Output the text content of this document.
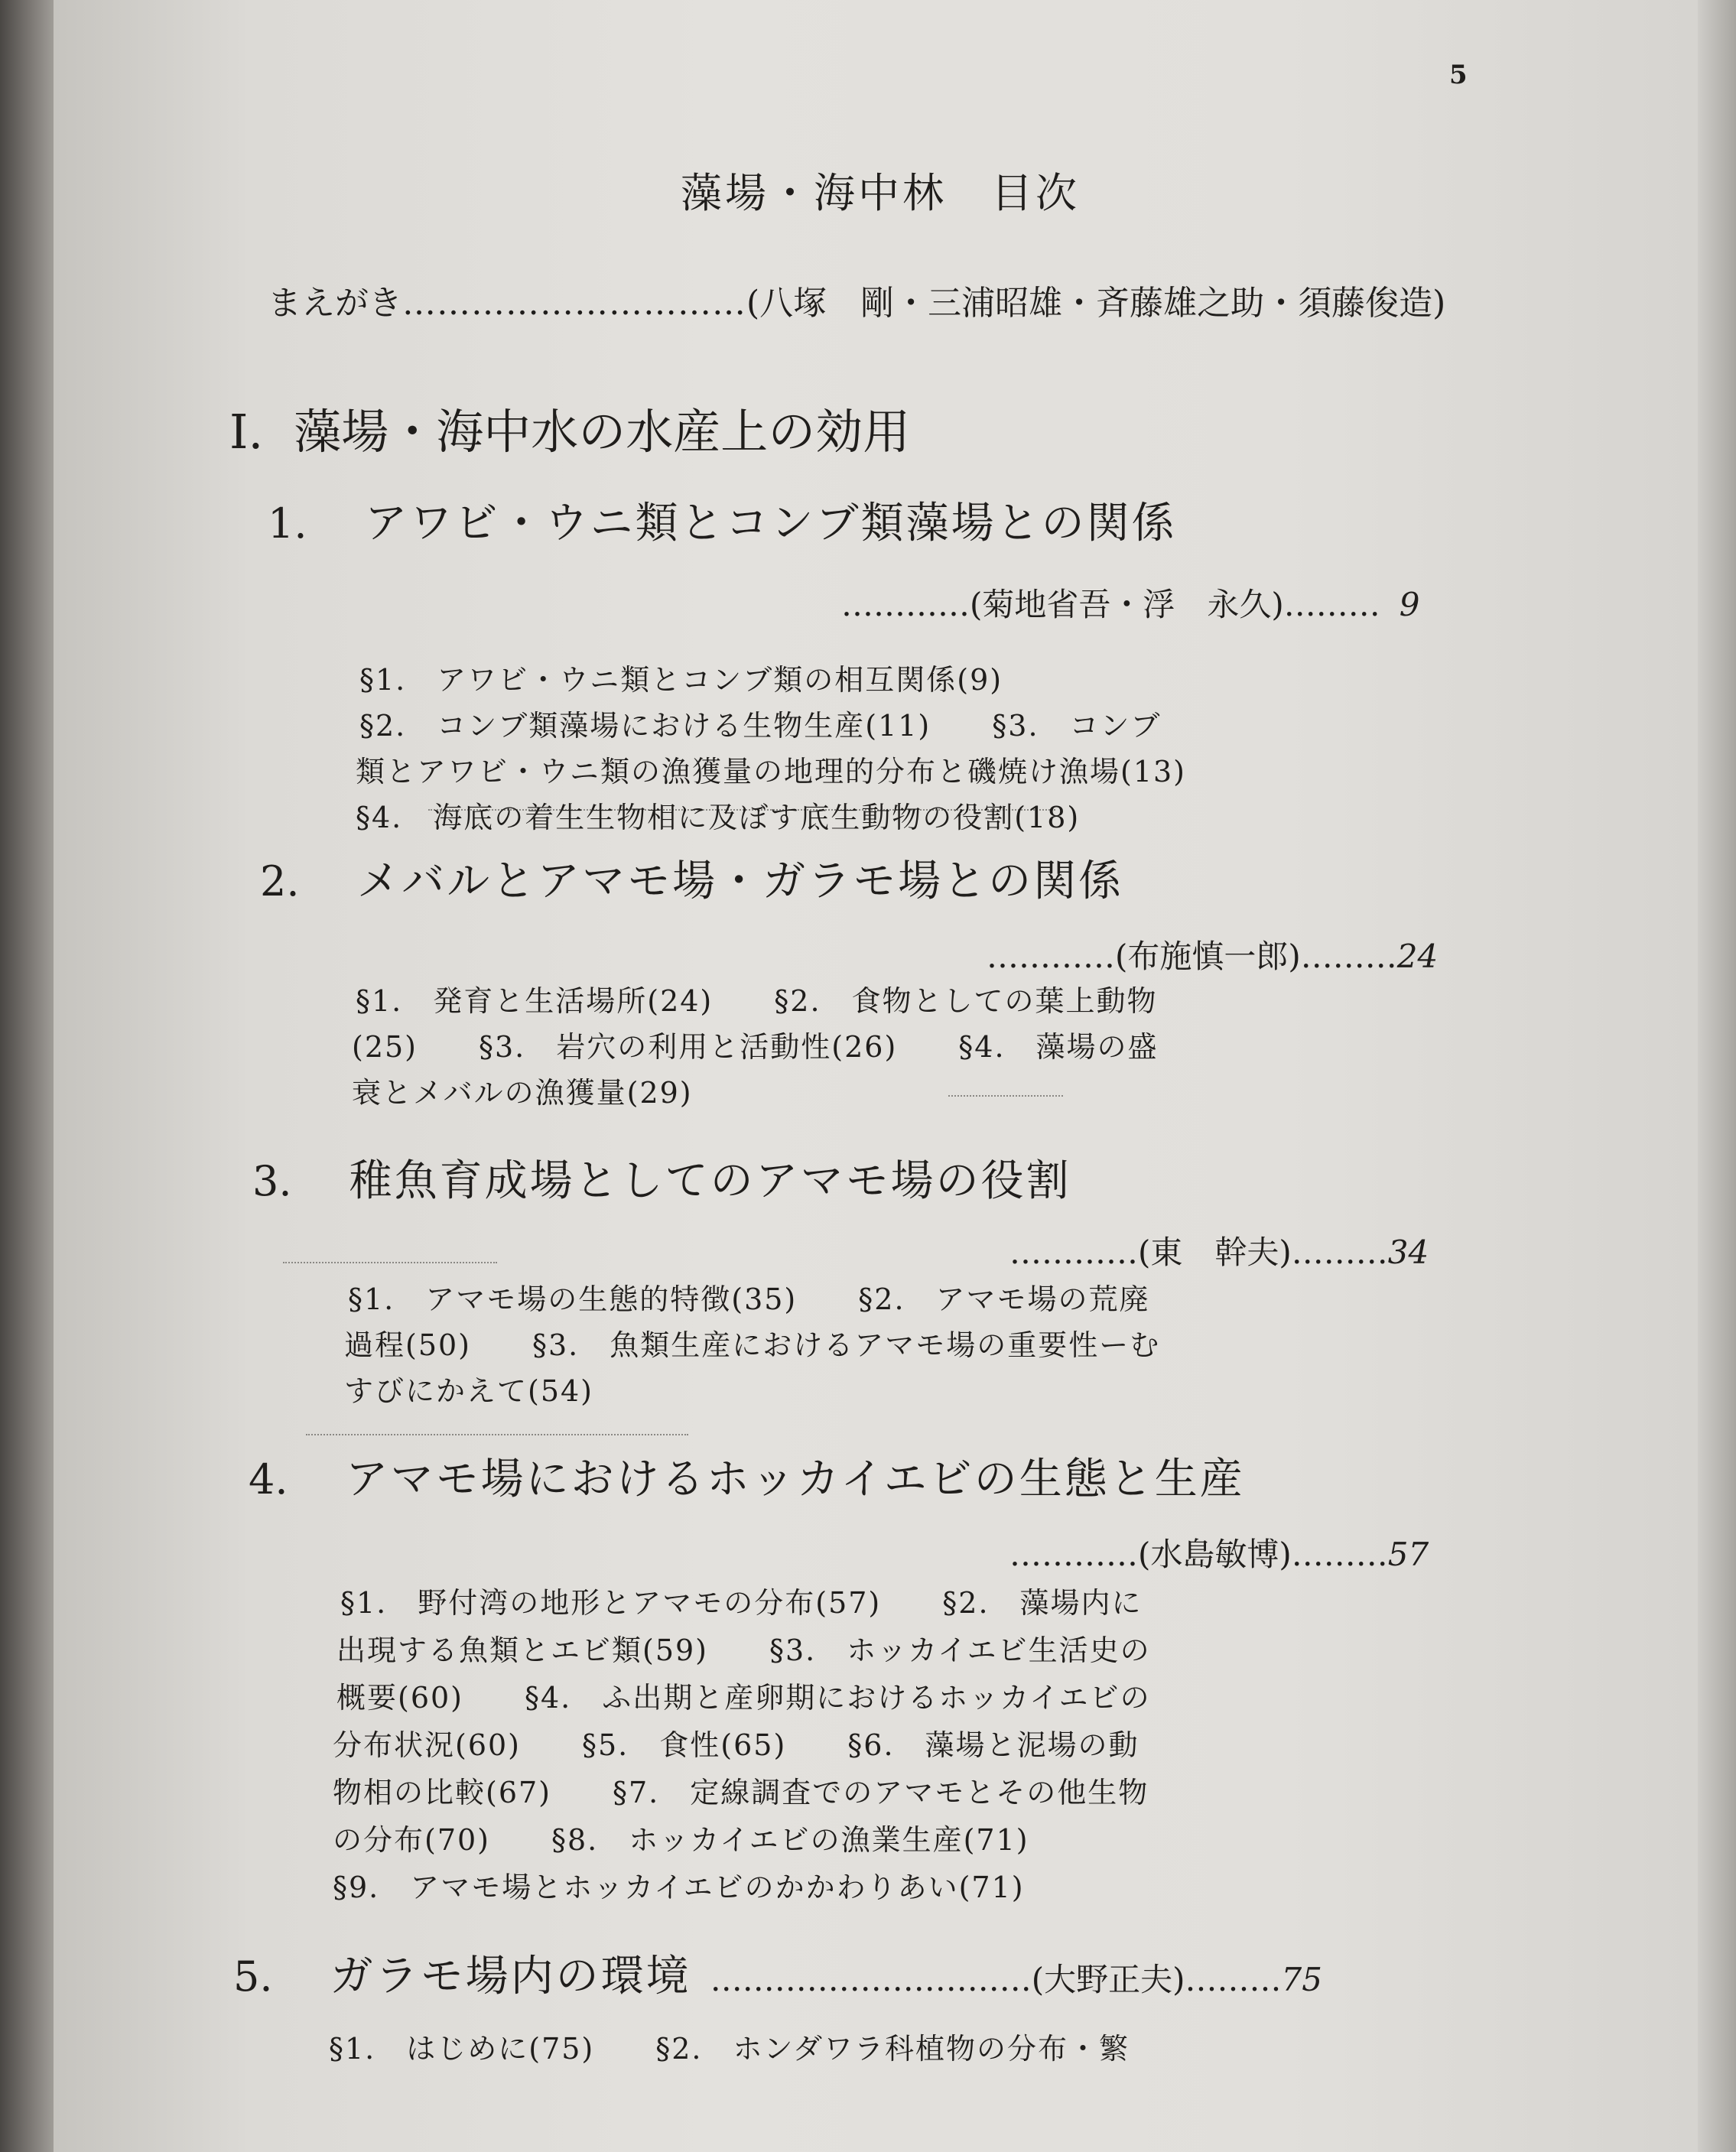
5
藻場・海中林　目次
まえがき…………………………(八塚　剛・三浦昭雄・斉藤雄之助・須藤俊造)
I. 藻場・海中水の水産上の効用
1. アワビ・ウニ類とコンブ類藻場との関係
…………(菊地省吾・浮　永久)……… 9
§1.　アワビ・ウニ類とコンブ類の相互関係(9)
§2.　コンブ類藻場における生物生産(11)　　§3.　コンブ
類とアワビ・ウニ類の漁獲量の地理的分布と磯焼け漁場(13)
§4.　海底の着生生物相に及ぼす底生動物の役割(18)
2. メバルとアマモ場・ガラモ場との関係
…………(布施慎一郎)………24
§1.　発育と生活場所(24)　　§2.　食物としての葉上動物
(25)　　§3.　岩穴の利用と活動性(26)　　§4.　藻場の盛
衰とメバルの漁獲量(29)
3. 稚魚育成場としてのアマモ場の役割
…………(東　幹夫)………34
§1.　アマモ場の生態的特徴(35)　　§2.　アマモ場の荒廃
過程(50)　　§3.　魚類生産におけるアマモ場の重要性ーむ
すびにかえて(54)
4. アマモ場におけるホッカイエビの生態と生産
…………(水島敏博)………57
§1.　野付湾の地形とアマモの分布(57)　　§2.　藻場内に
出現する魚類とエビ類(59)　　§3.　ホッカイエビ生活史の
概要(60)　　§4.　ふ出期と産卵期におけるホッカイエビの
分布状況(60)　　§5.　食性(65)　　§6.　藻場と泥場の動
物相の比較(67)　　§7.　定線調査でのアマモとその他生物
の分布(70)　　§8.　ホッカイエビの漁業生産(71)
§9.　アマモ場とホッカイエビのかかわりあい(71)
5. ガラモ場内の環境 …………………………(大野正夫)………75
§1.　はじめに(75)　　§2.　ホンダワラ科植物の分布・繁
